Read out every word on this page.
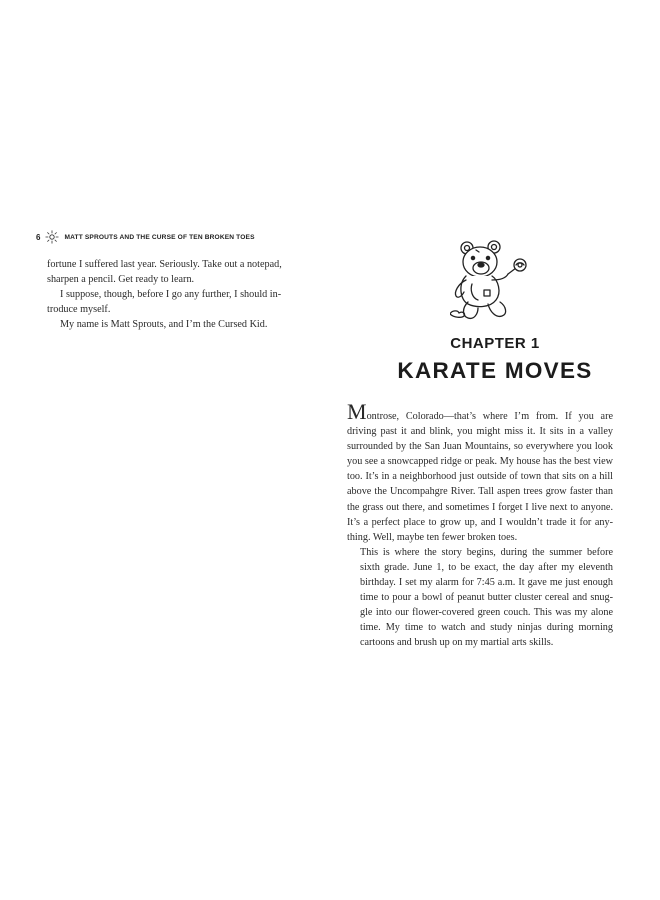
6	MATT SPROUTS AND THE CURSE OF TEN BROKEN TOES

fortune I suffered last year. Seriously. Take out a notepad,

sharpen a pencil. Get ready to learn.

I suppose, though, before I go any further, I should in-

troduce myself.

My name is Matt Sprouts, and I’m the Cursed Kid.

CHAPTER 1
KARATE MOVES

Montrose, Colorado—that’s where I’m from. If you are driving past it and blink, you might miss it. It sits in a valley surrounded by the San Juan Mountains, so everywhere you look you see a snowcapped ridge or peak. My house has the best view too. It’s in a neighborhood just outside of town that sits on a hill above the Uncompahgre River. Tall aspen trees grow faster than the grass out there, and sometimes I forget I live next to anyone. It’s a perfect place to grow up, and I wouldn’t trade it for any-thing. Well, maybe ten fewer broken toes.

This is where the story begins, during the summer before sixth grade. June 1, to be exact, the day after my eleventh birthday. I set my alarm for 7:45 a.m. It gave me just enough time to pour a bowl of peanut butter cluster cereal and snug-gle into our flower-covered green couch. This was my alone time. My time to watch and study ninjas during morning cartoons and brush up on my martial arts skills.
